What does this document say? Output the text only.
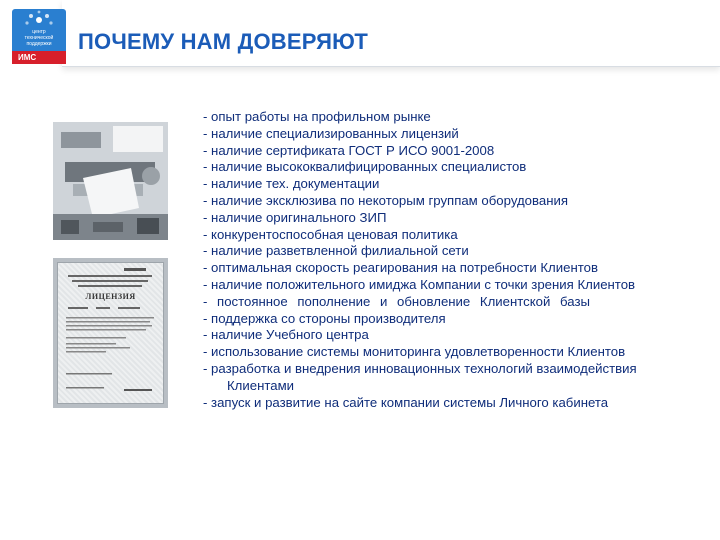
центр
технической
поддержки
ИМС
ПОЧЕМУ НАМ ДОВЕРЯЮТ
ЛИЦЕНЗИЯ
- опыт работы на профильном рынке
- наличие специализированных лицензий
- наличие сертификата ГОСТ Р ИСО 9001-2008
- наличие высококвалифицированных специалистов
- наличие тех. документации
- наличие эксклюзива по некоторым группам оборудования
- наличие оригинального ЗИП
- конкурентоспособная ценовая политика
- наличие разветвленной филиальной сети
- оптимальная скорость реагирования на потребности Клиентов
- наличие положительного имиджа Компании с точки зрения Клиентов
- постоянное пополнение и обновление Клиентской базы
- поддержка со стороны производителя
- наличие Учебного центра
- использование системы мониторинга удовлетворенности Клиентов
- разработка и внедрения инновационных технологий взаимодействия Клиентами
- запуск и развитие на сайте компании системы Личного кабинета
